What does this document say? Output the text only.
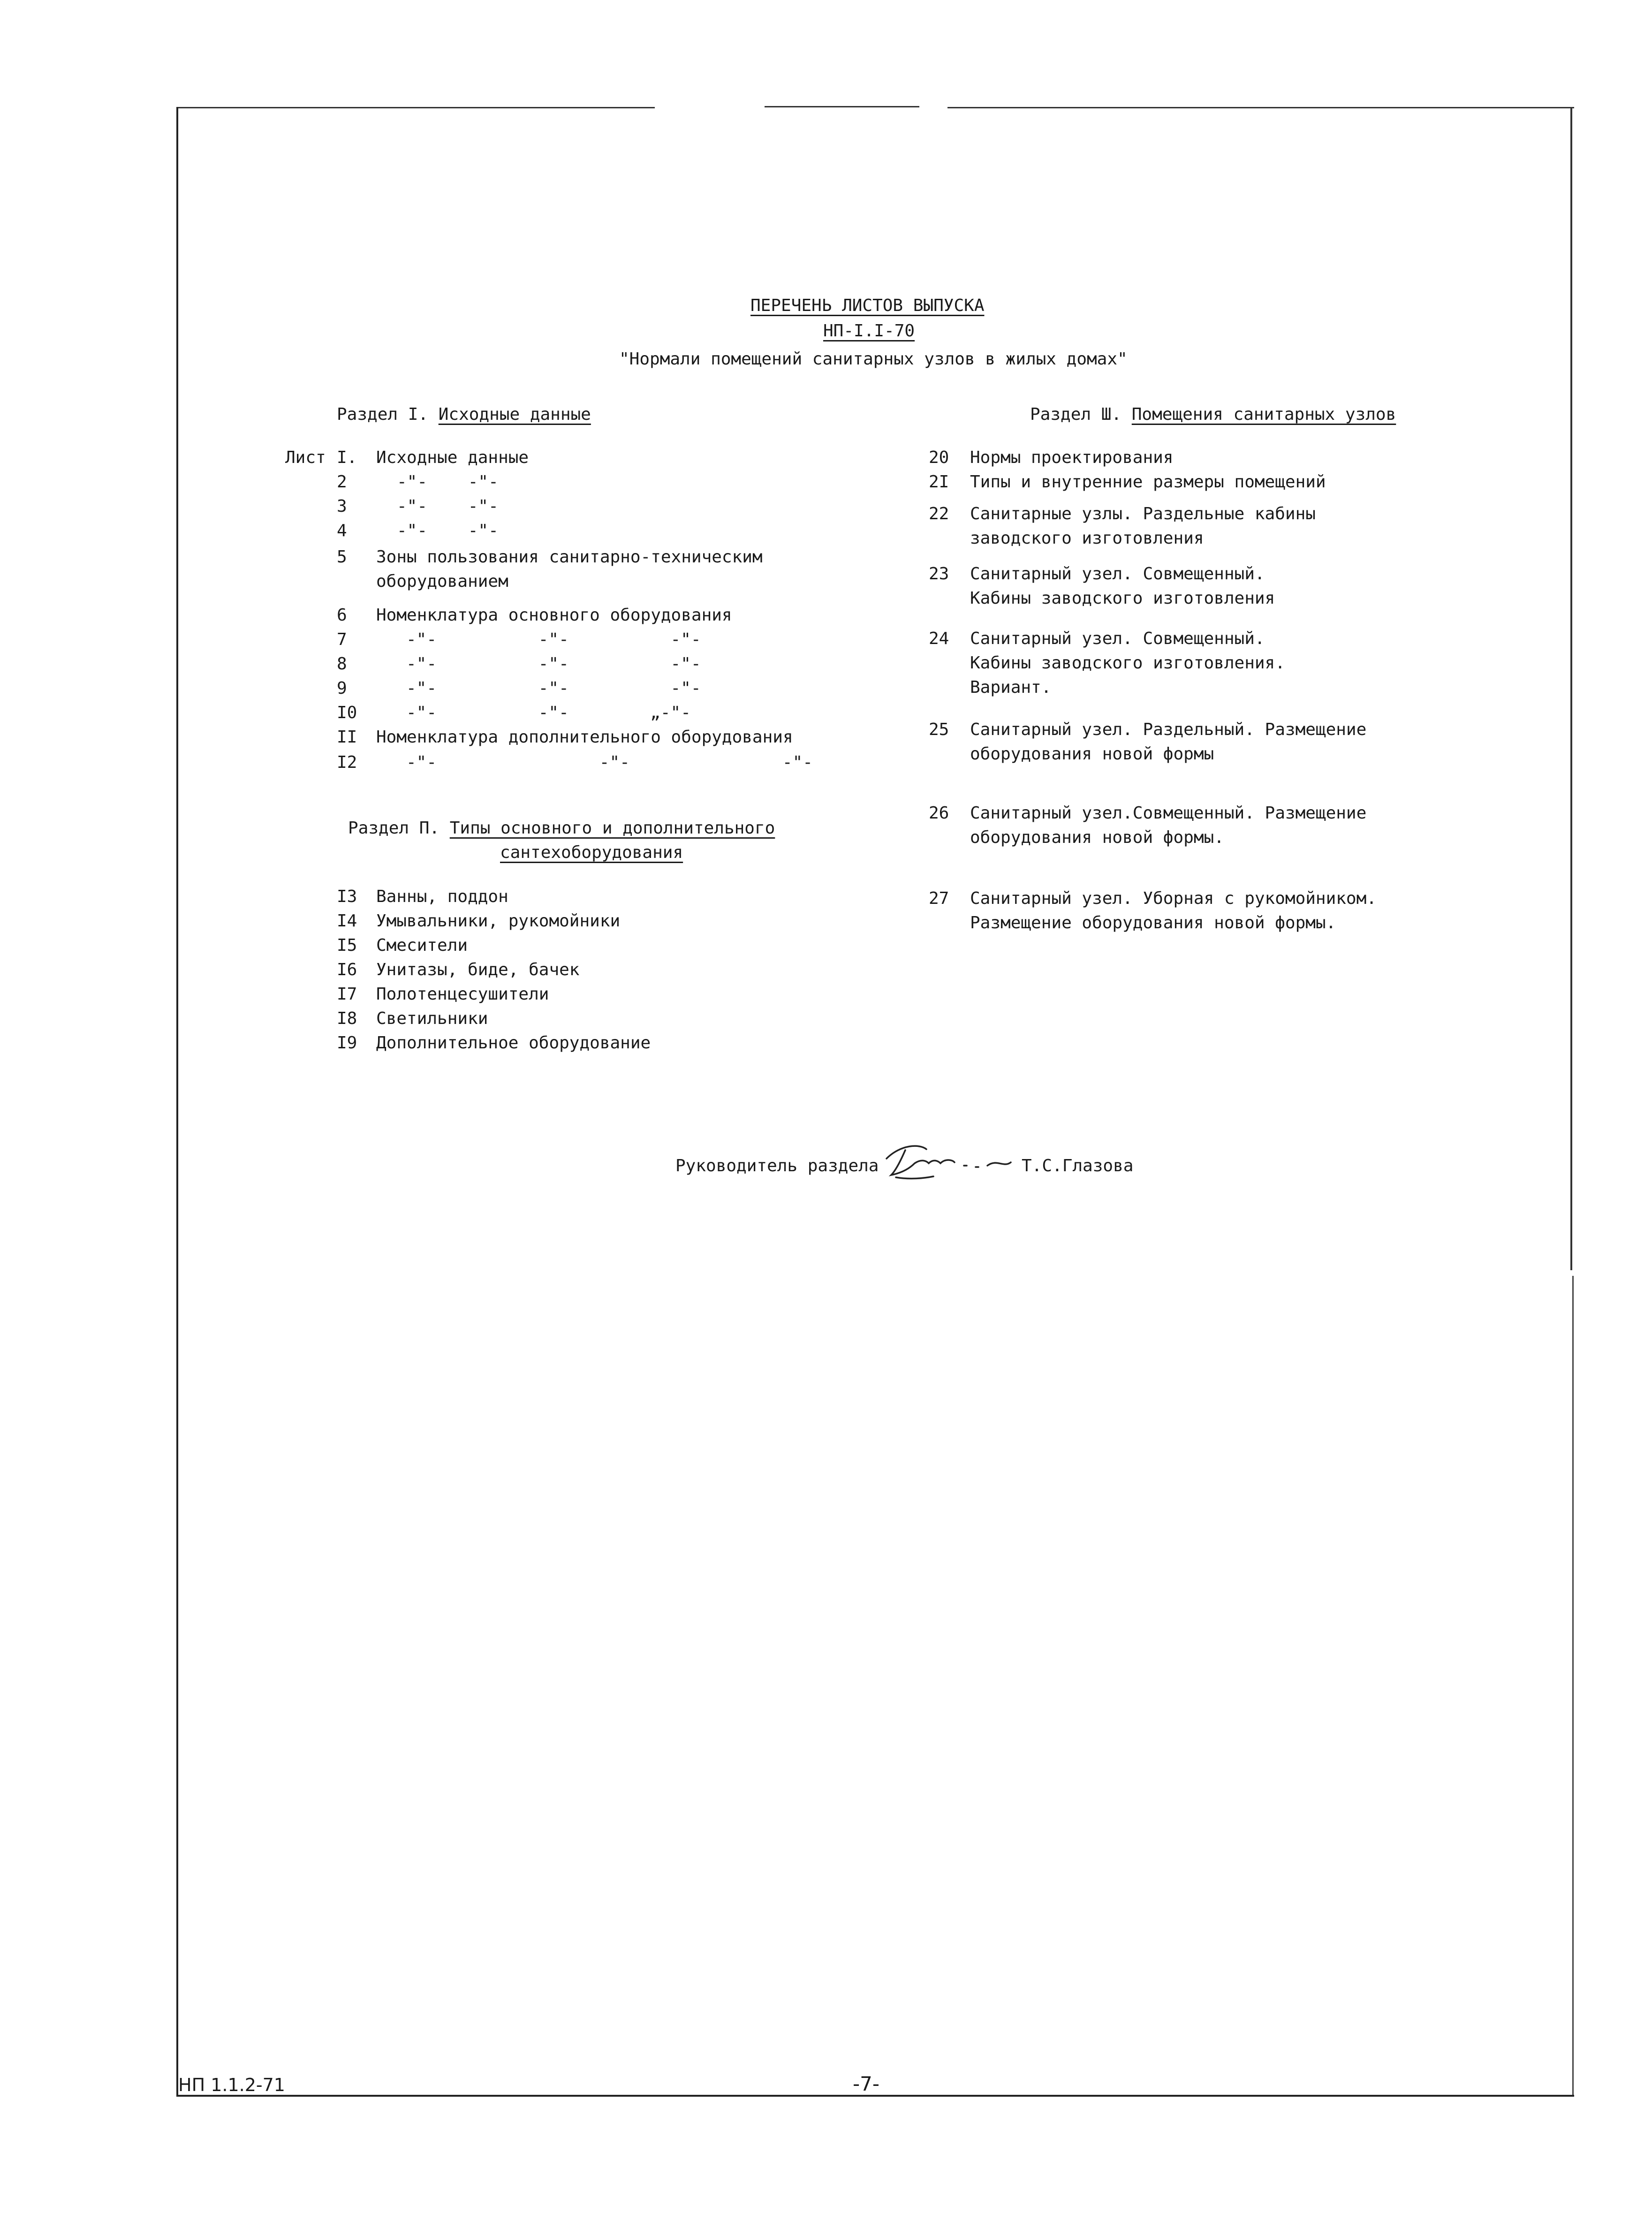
ПЕРЕЧЕНЬ ЛИСТОВ ВЫПУСКА
НП-I.I-70
"Нормали помещений санитарных узлов в жилых домах"
Раздел I. Исходные данные
Лист I. Исходные данные
2	-"-    -"-
3	-"-    -"-
4	-"-    -"-
5 Зоны пользования санитарно-техническим
оборудованием
6 Номенклатура основного оборудования
7	-"-          -"-          -"-
8	-"-          -"-          -"-
9	-"-          -"-          -"-
I0	-"-          -"-        „-"-
II Номенклатура дополнительного оборудования
I2	-"-                -"-               -"-
Раздел П. Типы основного и дополнительного
сантехоборудования
I3 Ванны, поддон
I4 Умывальники, рукомойники
I5 Смесители
I6 Унитазы, биде, бачек
I7 Полотенцесушители
I8 Светильники
I9 Дополнительное оборудование
Раздел Ш. Помещения санитарных узлов
20 Нормы проектирования
2I Типы и внутренние размеры помещений
22 Санитарные узлы. Раздельные кабины
заводского изготовления
23 Санитарный узел. Совмещенный.
Кабины заводского изготовления
24 Санитарный узел. Совмещенный.
Кабины заводского изготовления.
Вариант.
25 Санитарный узел. Раздельный. Размещение
оборудования новой формы
26 Санитарный узел.Совмещенный. Размещение
оборудования новой формы.
27 Санитарный узел. Уборная с рукомойником.
Размещение оборудования новой формы.
Руководитель раздела	Т.С.Глазова
НП 1.1.2-71	-7-
